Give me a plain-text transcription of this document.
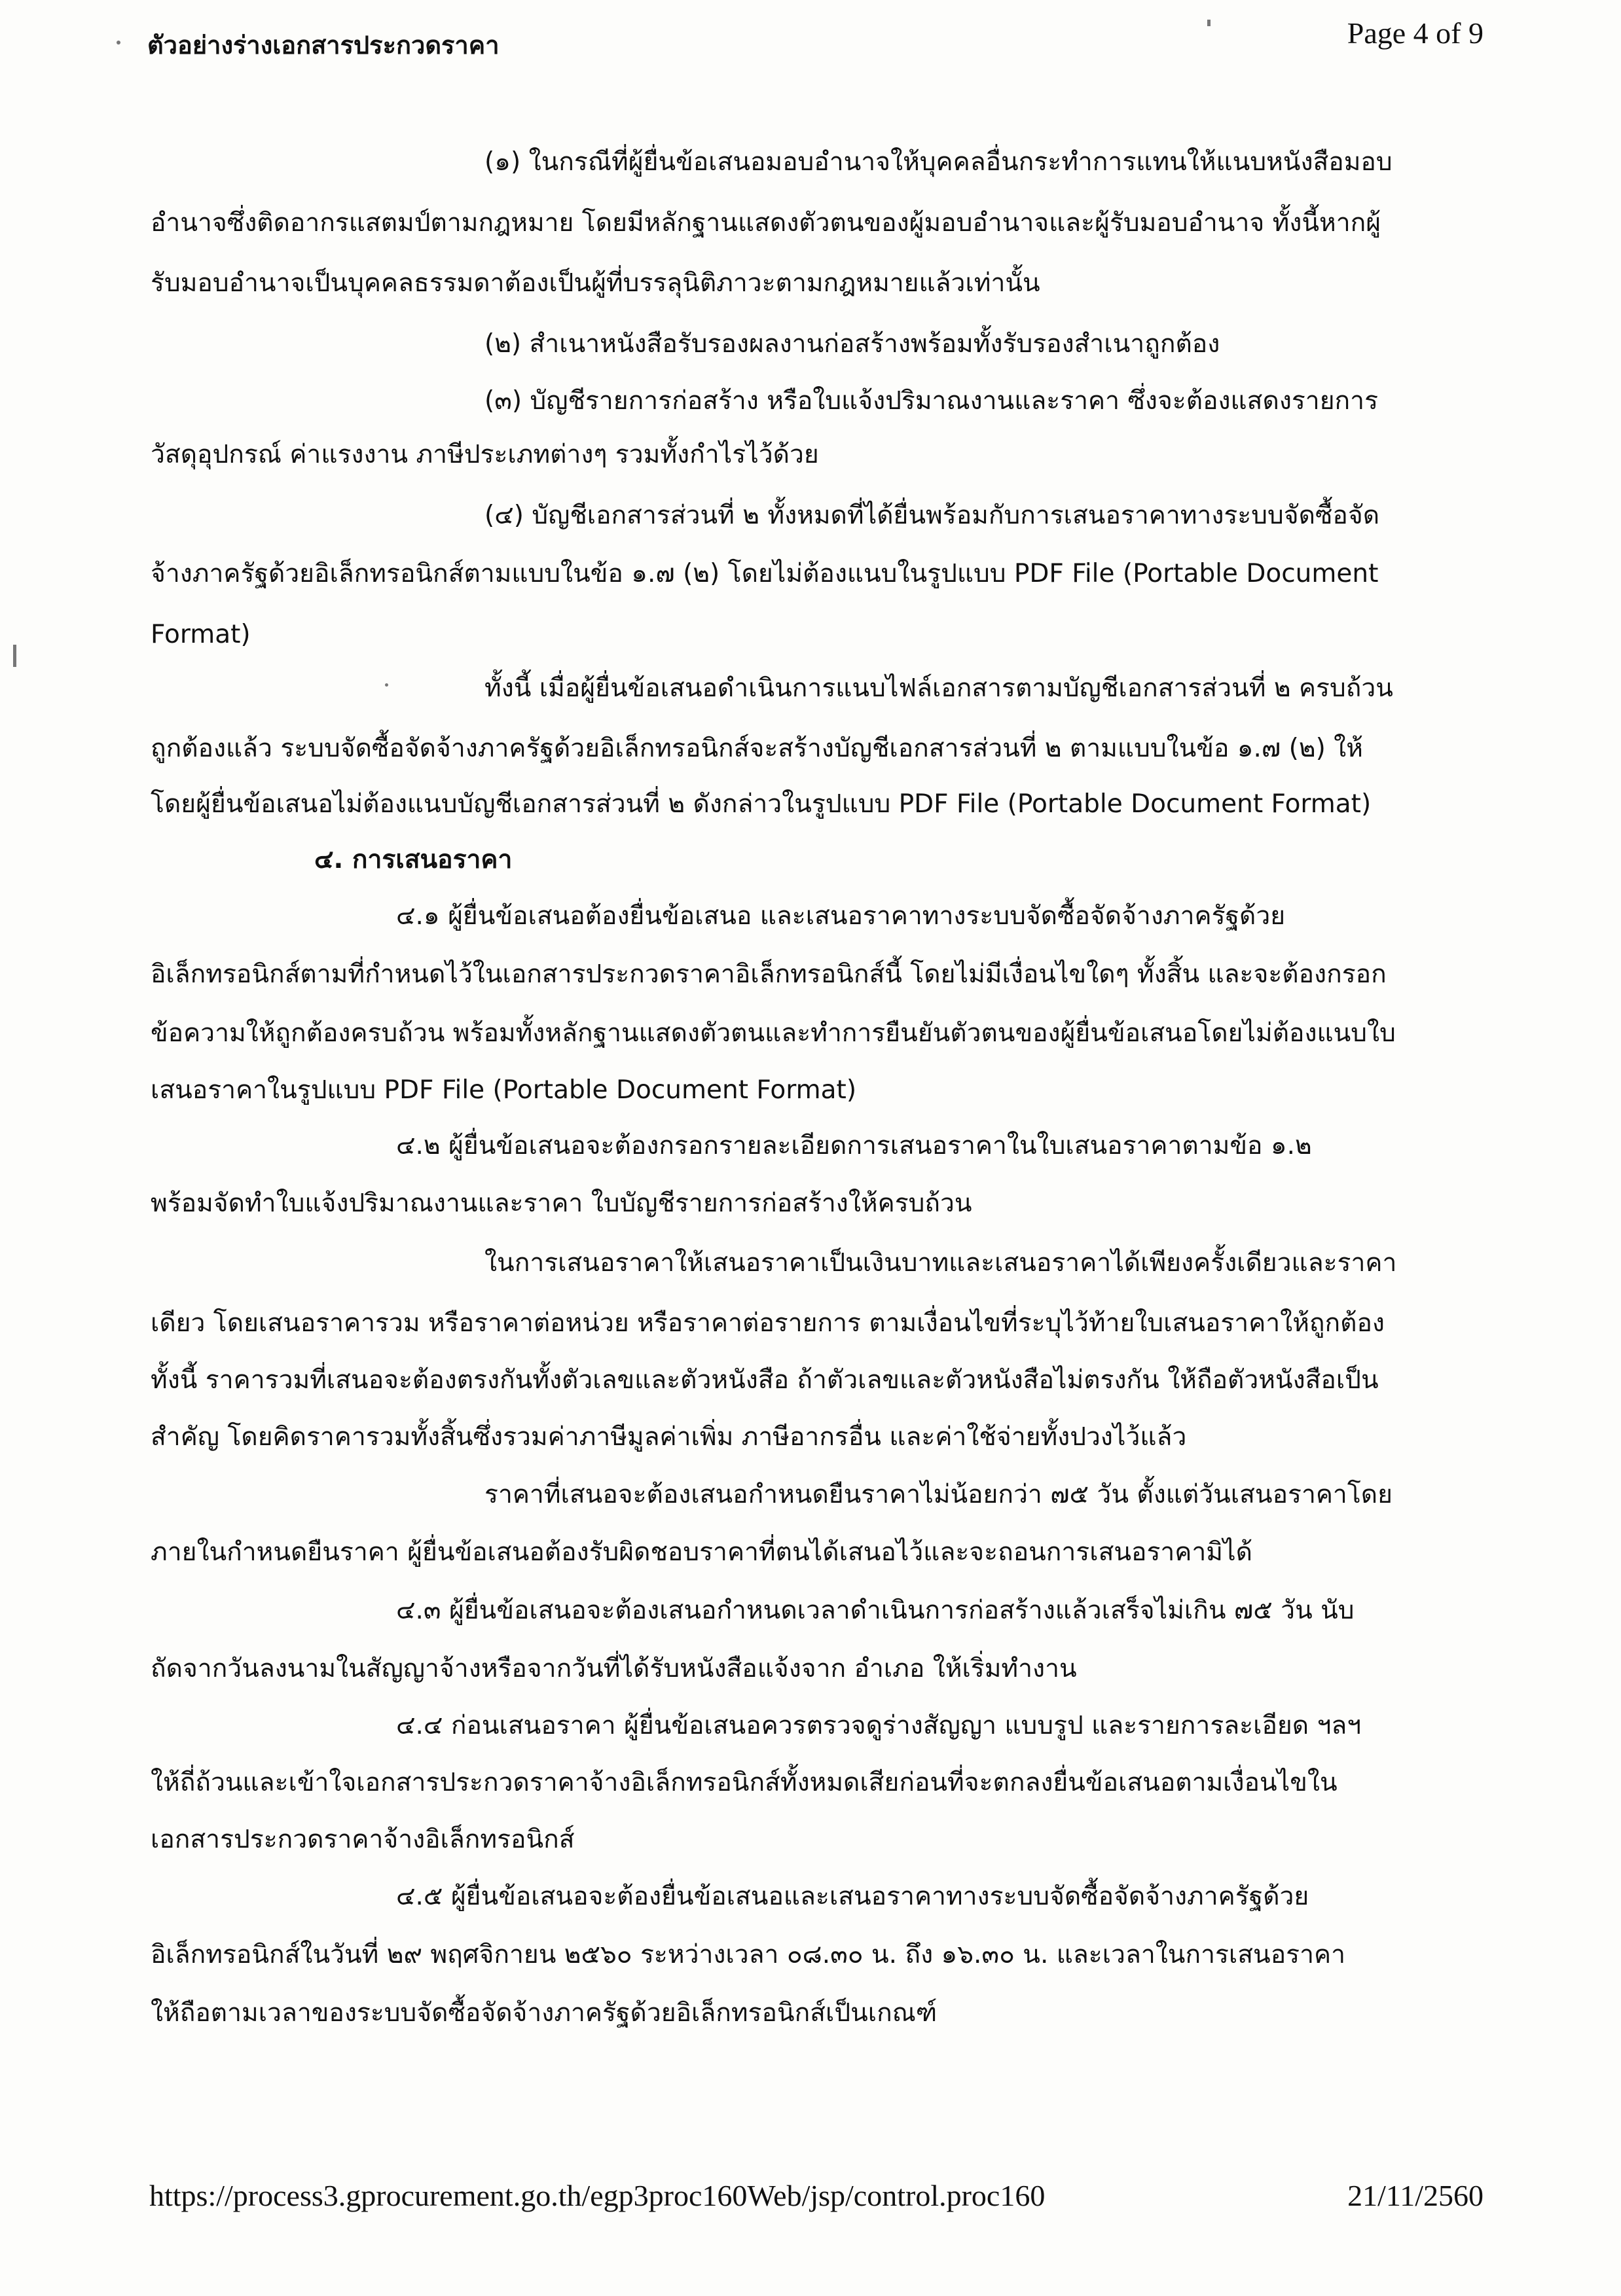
ตัวอย่างร่างเอกสารประกวดราคา	Page 4 of 9
(๑) ในกรณีที่ผู้ยื่นข้อเสนอมอบอำนาจให้บุคคลอื่นกระทำการแทนให้แนบหนังสือมอบ
อำนาจซึ่งติดอากรแสตมป์ตามกฎหมาย โดยมีหลักฐานแสดงตัวตนของผู้มอบอำนาจและผู้รับมอบอำนาจ ทั้งนี้หากผู้
รับมอบอำนาจเป็นบุคคลธรรมดาต้องเป็นผู้ที่บรรลุนิติภาวะตามกฎหมายแล้วเท่านั้น
(๒) สำเนาหนังสือรับรองผลงานก่อสร้างพร้อมทั้งรับรองสำเนาถูกต้อง
(๓) บัญชีรายการก่อสร้าง หรือใบแจ้งปริมาณงานและราคา ซึ่งจะต้องแสดงรายการ
วัสดุอุปกรณ์ ค่าแรงงาน ภาษีประเภทต่างๆ รวมทั้งกำไรไว้ด้วย
(๔) บัญชีเอกสารส่วนที่ ๒ ทั้งหมดที่ได้ยื่นพร้อมกับการเสนอราคาทางระบบจัดซื้อจัด
จ้างภาครัฐด้วยอิเล็กทรอนิกส์ตามแบบในข้อ ๑.๗ (๒) โดยไม่ต้องแนบในรูปแบบ PDF File (Portable Document
Format)
ทั้งนี้ เมื่อผู้ยื่นข้อเสนอดำเนินการแนบไฟล์เอกสารตามบัญชีเอกสารส่วนที่ ๒ ครบถ้วน
ถูกต้องแล้ว ระบบจัดซื้อจัดจ้างภาครัฐด้วยอิเล็กทรอนิกส์จะสร้างบัญชีเอกสารส่วนที่ ๒ ตามแบบในข้อ ๑.๗ (๒) ให้
โดยผู้ยื่นข้อเสนอไม่ต้องแนบบัญชีเอกสารส่วนที่ ๒ ดังกล่าวในรูปแบบ PDF File (Portable Document Format)
๔. การเสนอราคา
๔.๑ ผู้ยื่นข้อเสนอต้องยื่นข้อเสนอ และเสนอราคาทางระบบจัดซื้อจัดจ้างภาครัฐด้วย
อิเล็กทรอนิกส์ตามที่กำหนดไว้ในเอกสารประกวดราคาอิเล็กทรอนิกส์นี้ โดยไม่มีเงื่อนไขใดๆ ทั้งสิ้น และจะต้องกรอก
ข้อความให้ถูกต้องครบถ้วน พร้อมทั้งหลักฐานแสดงตัวตนและทำการยืนยันตัวตนของผู้ยื่นข้อเสนอโดยไม่ต้องแนบใบ
เสนอราคาในรูปแบบ PDF File (Portable Document Format)
๔.๒ ผู้ยื่นข้อเสนอจะต้องกรอกรายละเอียดการเสนอราคาในใบเสนอราคาตามข้อ ๑.๒
พร้อมจัดทำใบแจ้งปริมาณงานและราคา ใบบัญชีรายการก่อสร้างให้ครบถ้วน
ในการเสนอราคาให้เสนอราคาเป็นเงินบาทและเสนอราคาได้เพียงครั้งเดียวและราคา
เดียว โดยเสนอราคารวม หรือราคาต่อหน่วย หรือราคาต่อรายการ ตามเงื่อนไขที่ระบุไว้ท้ายใบเสนอราคาให้ถูกต้อง
ทั้งนี้ ราคารวมที่เสนอจะต้องตรงกันทั้งตัวเลขและตัวหนังสือ ถ้าตัวเลขและตัวหนังสือไม่ตรงกัน ให้ถือตัวหนังสือเป็น
สำคัญ โดยคิดราคารวมทั้งสิ้นซึ่งรวมค่าภาษีมูลค่าเพิ่ม ภาษีอากรอื่น และค่าใช้จ่ายทั้งปวงไว้แล้ว
ราคาที่เสนอจะต้องเสนอกำหนดยืนราคาไม่น้อยกว่า ๗๕ วัน ตั้งแต่วันเสนอราคาโดย
ภายในกำหนดยืนราคา ผู้ยื่นข้อเสนอต้องรับผิดชอบราคาที่ตนได้เสนอไว้และจะถอนการเสนอราคามิได้
๔.๓ ผู้ยื่นข้อเสนอจะต้องเสนอกำหนดเวลาดำเนินการก่อสร้างแล้วเสร็จไม่เกิน ๗๕ วัน นับ
ถัดจากวันลงนามในสัญญาจ้างหรือจากวันที่ได้รับหนังสือแจ้งจาก อำเภอ ให้เริ่มทำงาน
๔.๔ ก่อนเสนอราคา ผู้ยื่นข้อเสนอควรตรวจดูร่างสัญญา แบบรูป และรายการละเอียด ฯลฯ
ให้ถี่ถ้วนและเข้าใจเอกสารประกวดราคาจ้างอิเล็กทรอนิกส์ทั้งหมดเสียก่อนที่จะตกลงยื่นข้อเสนอตามเงื่อนไขใน
เอกสารประกวดราคาจ้างอิเล็กทรอนิกส์
๔.๕ ผู้ยื่นข้อเสนอจะต้องยื่นข้อเสนอและเสนอราคาทางระบบจัดซื้อจัดจ้างภาครัฐด้วย
อิเล็กทรอนิกส์ในวันที่ ๒๙ พฤศจิกายน ๒๕๖๐ ระหว่างเวลา ๐๘.๓๐ น. ถึง ๑๖.๓๐ น. และเวลาในการเสนอราคา
ให้ถือตามเวลาของระบบจัดซื้อจัดจ้างภาครัฐด้วยอิเล็กทรอนิกส์เป็นเกณฑ์
https://process3.gprocurement.go.th/egp3proc160Web/jsp/control.proc160	21/11/2560
